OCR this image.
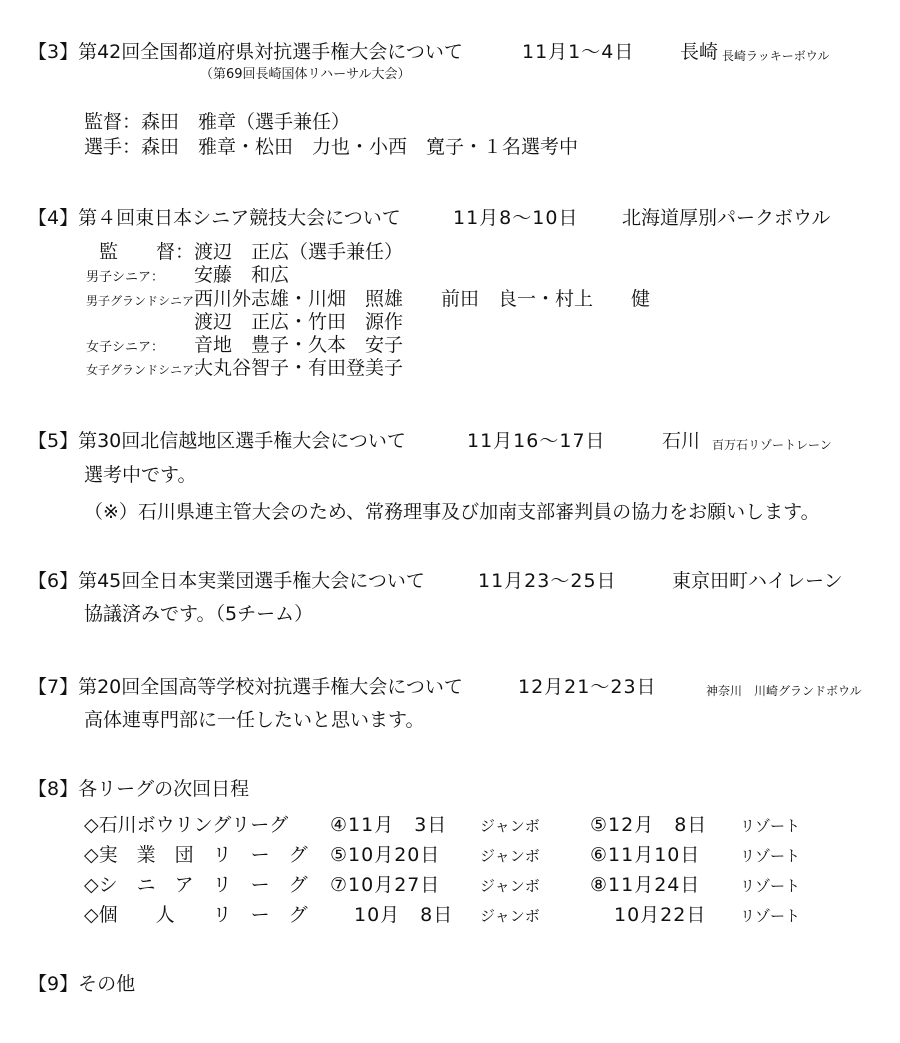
【3】第42回全国都道府県対抗選手権大会について	11月1～4日 長崎 長崎ラッキーボウル
（第69回長崎国体リハーサル大会）
監督：森田　雅章（選手兼任）
選手：森田　雅章・松田　力也・小西　寛子・１名選考中
【4】第４回東日本シニア競技大会について	11月8～10日 北海道厚別パークボウル
監　　督：渡辺　正広（選手兼任）
男子シニア： 安藤　和広
男子グランドシニア：西川外志雄・川畑　照雄　　前田　良一・村上　　健
渡辺　正広・竹田　源作
女子シニア： 音地　豊子・久本　安子
女子グランドシニア：大丸谷智子・有田登美子
【5】第30回北信越地区選手権大会について	11月16～17日	石川 百万石リゾートレーン
選考中です。
（※）石川県連主管大会のため、常務理事及び加南支部審判員の協力をお願いします。
【6】第45回全日本実業団選手権大会について	11月23～25日	東京田町ハイレーン
協議済みです。（5チーム）
【7】第20回全国高等学校対抗選手権大会について	12月21～23日	神奈川　川崎グランドボウル
高体連専門部に一任したいと思います。
【8】各リーグの次回日程
◇石川ボウリングリーグ ④11月　3日 ジャンボ	⑤12月　8日 リゾート
◇実　業　団　リ　ー　グ ⑤10月20日	ジャンボ	⑥11月10日	リゾート
◇シ　ニ　ア　リ　ー　グ ⑦10月27日	ジャンボ	⑧11月24日	リゾート
◇個　　人　　リ　ー　グ 10月　8日 ジャンボ	10月22日 リゾート
【9】その他
